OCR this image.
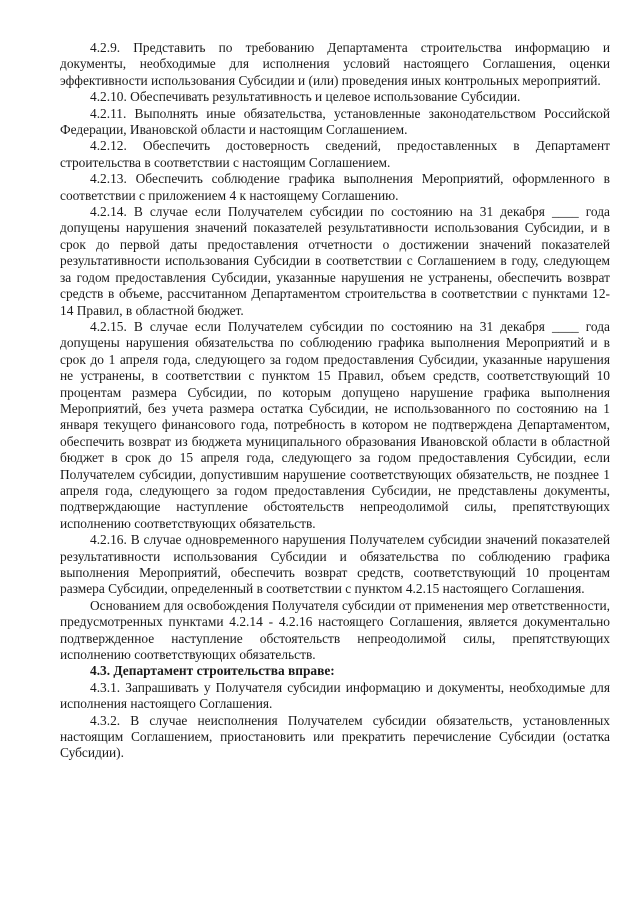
4.2.9. Представить по требованию Департамента строительства информацию и документы, необходимые для исполнения условий настоящего Соглашения, оценки эффективности использования Субсидии и (или) проведения иных контрольных мероприятий.

4.2.10. Обеспечивать результативность и целевое использование Субсидии.

4.2.11. Выполнять иные обязательства, установленные законодательством Российской Федерации, Ивановской области и настоящим Соглашением.

4.2.12. Обеспечить достоверность сведений, предоставленных в Департамент строительства в соответствии с настоящим Соглашением.

4.2.13. Обеспечить соблюдение графика выполнения Мероприятий, оформленного в соответствии с приложением 4 к настоящему Соглашению.

4.2.14. В случае если Получателем субсидии по состоянию на 31 декабря ____ года допущены нарушения значений показателей результативности использования Субсидии, и в срок до первой даты предоставления отчетности о достижении значений показателей результативности использования Субсидии в соответствии с Соглашением в году, следующем за годом предоставления Субсидии, указанные нарушения не устранены, обеспечить возврат средств в объеме, рассчитанном Департаментом строительства в соответствии с пунктами 12-14 Правил, в областной бюджет.

4.2.15. В случае если Получателем субсидии по состоянию на 31 декабря ____ года допущены нарушения обязательства по соблюдению графика выполнения Мероприятий и в срок до 1 апреля года, следующего за годом предоставления Субсидии, указанные нарушения не устранены, в соответствии с пунктом 15 Правил, объем средств, соответствующий 10 процентам размера Субсидии, по которым допущено нарушение графика выполнения Мероприятий, без учета размера остатка Субсидии, не использованного по состоянию на 1 января текущего финансового года, потребность в котором не подтверждена Департаментом, обеспечить возврат из бюджета муниципального образования Ивановской области в областной бюджет в срок до 15 апреля года, следующего за годом предоставления Субсидии, если Получателем субсидии, допустившим нарушение соответствующих обязательств, не позднее 1 апреля года, следующего за годом предоставления Субсидии, не представлены документы, подтверждающие наступление обстоятельств непреодолимой силы, препятствующих исполнению соответствующих обязательств.

4.2.16. В случае одновременного нарушения Получателем субсидии значений показателей результативности использования Субсидии и обязательства по соблюдению графика выполнения Мероприятий, обеспечить возврат средств, соответствующий 10 процентам размера Субсидии, определенный в соответствии с пунктом 4.2.15 настоящего Соглашения.

Основанием для освобождения Получателя субсидии от применения мер ответственности, предусмотренных пунктами 4.2.14 - 4.2.16 настоящего Соглашения, является документально подтвержденное наступление обстоятельств непреодолимой силы, препятствующих исполнению соответствующих обязательств.

4.3. Департамент строительства вправе:

4.3.1. Запрашивать у Получателя субсидии информацию и документы, необходимые для исполнения настоящего Соглашения.

4.3.2. В случае неисполнения Получателем субсидии обязательств, установленных настоящим Соглашением, приостановить или прекратить перечисление Субсидии (остатка Субсидии).
